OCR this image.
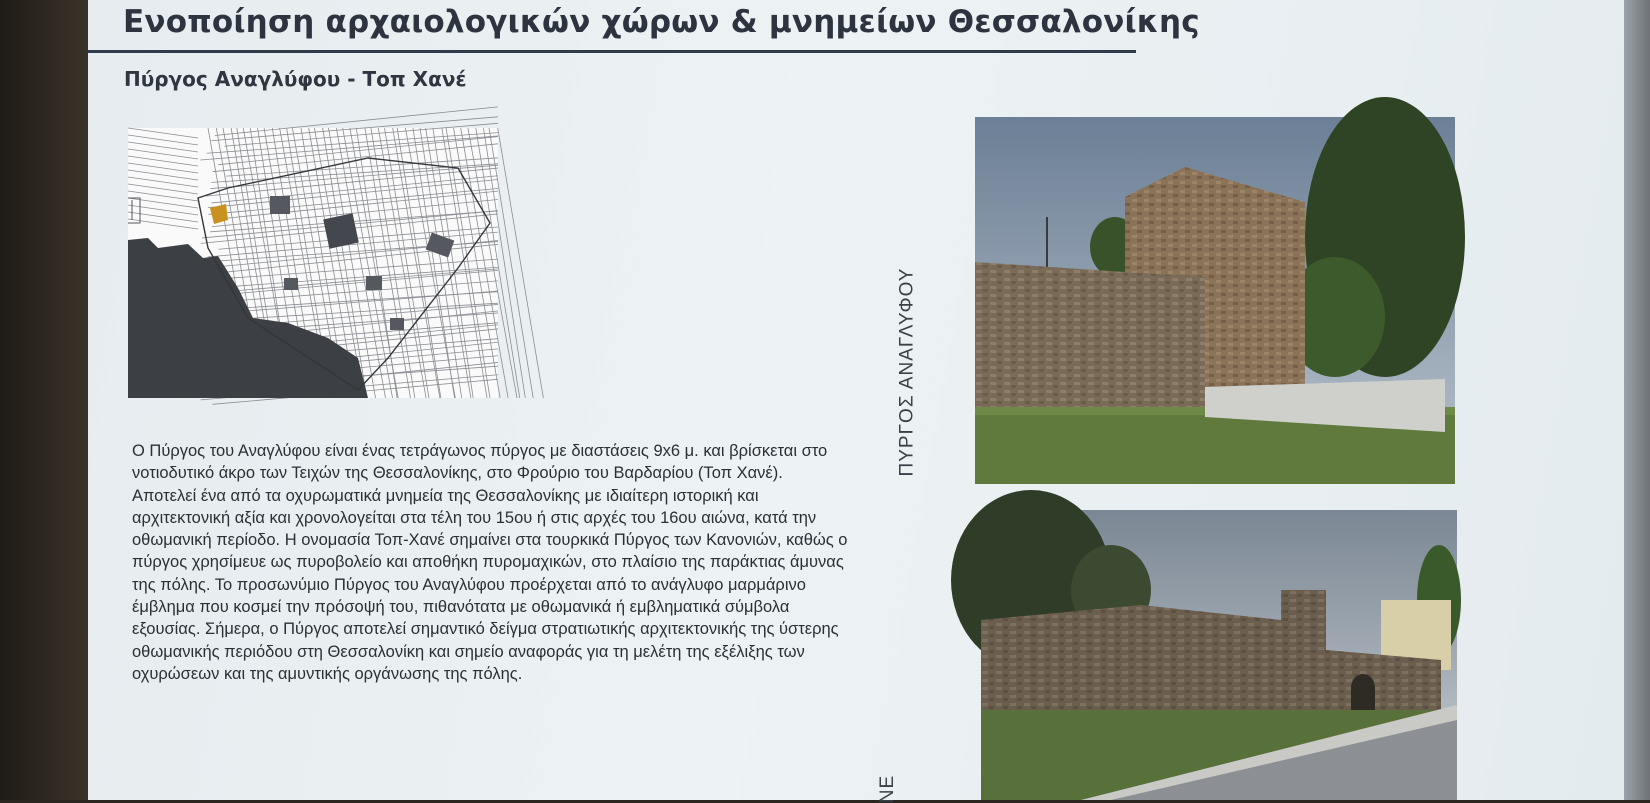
Ενοποίηση αρχαιολογικών χώρων & μνημείων Θεσσαλονίκης
Πύργος Αναγλύφου - Τοπ Χανέ

Ο Πύργος του Αναγλύφου είναι ένας τετράγωνος πύργος με διαστάσεις 9x6 μ. και βρίσκεται στο νοτιοδυτικό άκρο των Τειχών της Θεσσαλονίκης, στο Φρούριο του Βαρδαρίου (Τοπ Χανέ). Αποτελεί ένα από τα οχυρωματικά μνημεία της Θεσσαλονίκης με ιδιαίτερη ιστορική και αρχιτεκτονική αξία και χρονολογείται στα τέλη του 15ου ή στις αρχές του 16ου αιώνα, κατά την οθωμανική περίοδο. Η ονομασία Τοπ-Χανέ σημαίνει στα τουρκικά Πύργος των Κανονιών, καθώς ο πύργος χρησίμευε ως πυροβολείο και αποθήκη πυρομαχικών, στο πλαίσιο της παράκτιας άμυνας της πόλης. Το προσωνύμιο Πύργος του Αναγλύφου προέρχεται από το ανάγλυφο μαρμάρινο έμβλημα που κοσμεί την πρόσοψή του, πιθανότατα με οθωμανικά ή εμβληματικά σύμβολα εξουσίας. Σήμερα, ο Πύργος αποτελεί σημαντικό δείγμα στρατιωτικής αρχιτεκτονικής της ύστερης οθωμανικής περιόδου στη Θεσσαλονίκη και σημείο αναφοράς για τη μελέτη της εξέλιξης των οχυρώσεων και της αμυντικής οργάνωσης της πόλης.

ΠΥΡΓΟΣ ΑΝΑΓΛΥΦΟΥ
ΝΕ
